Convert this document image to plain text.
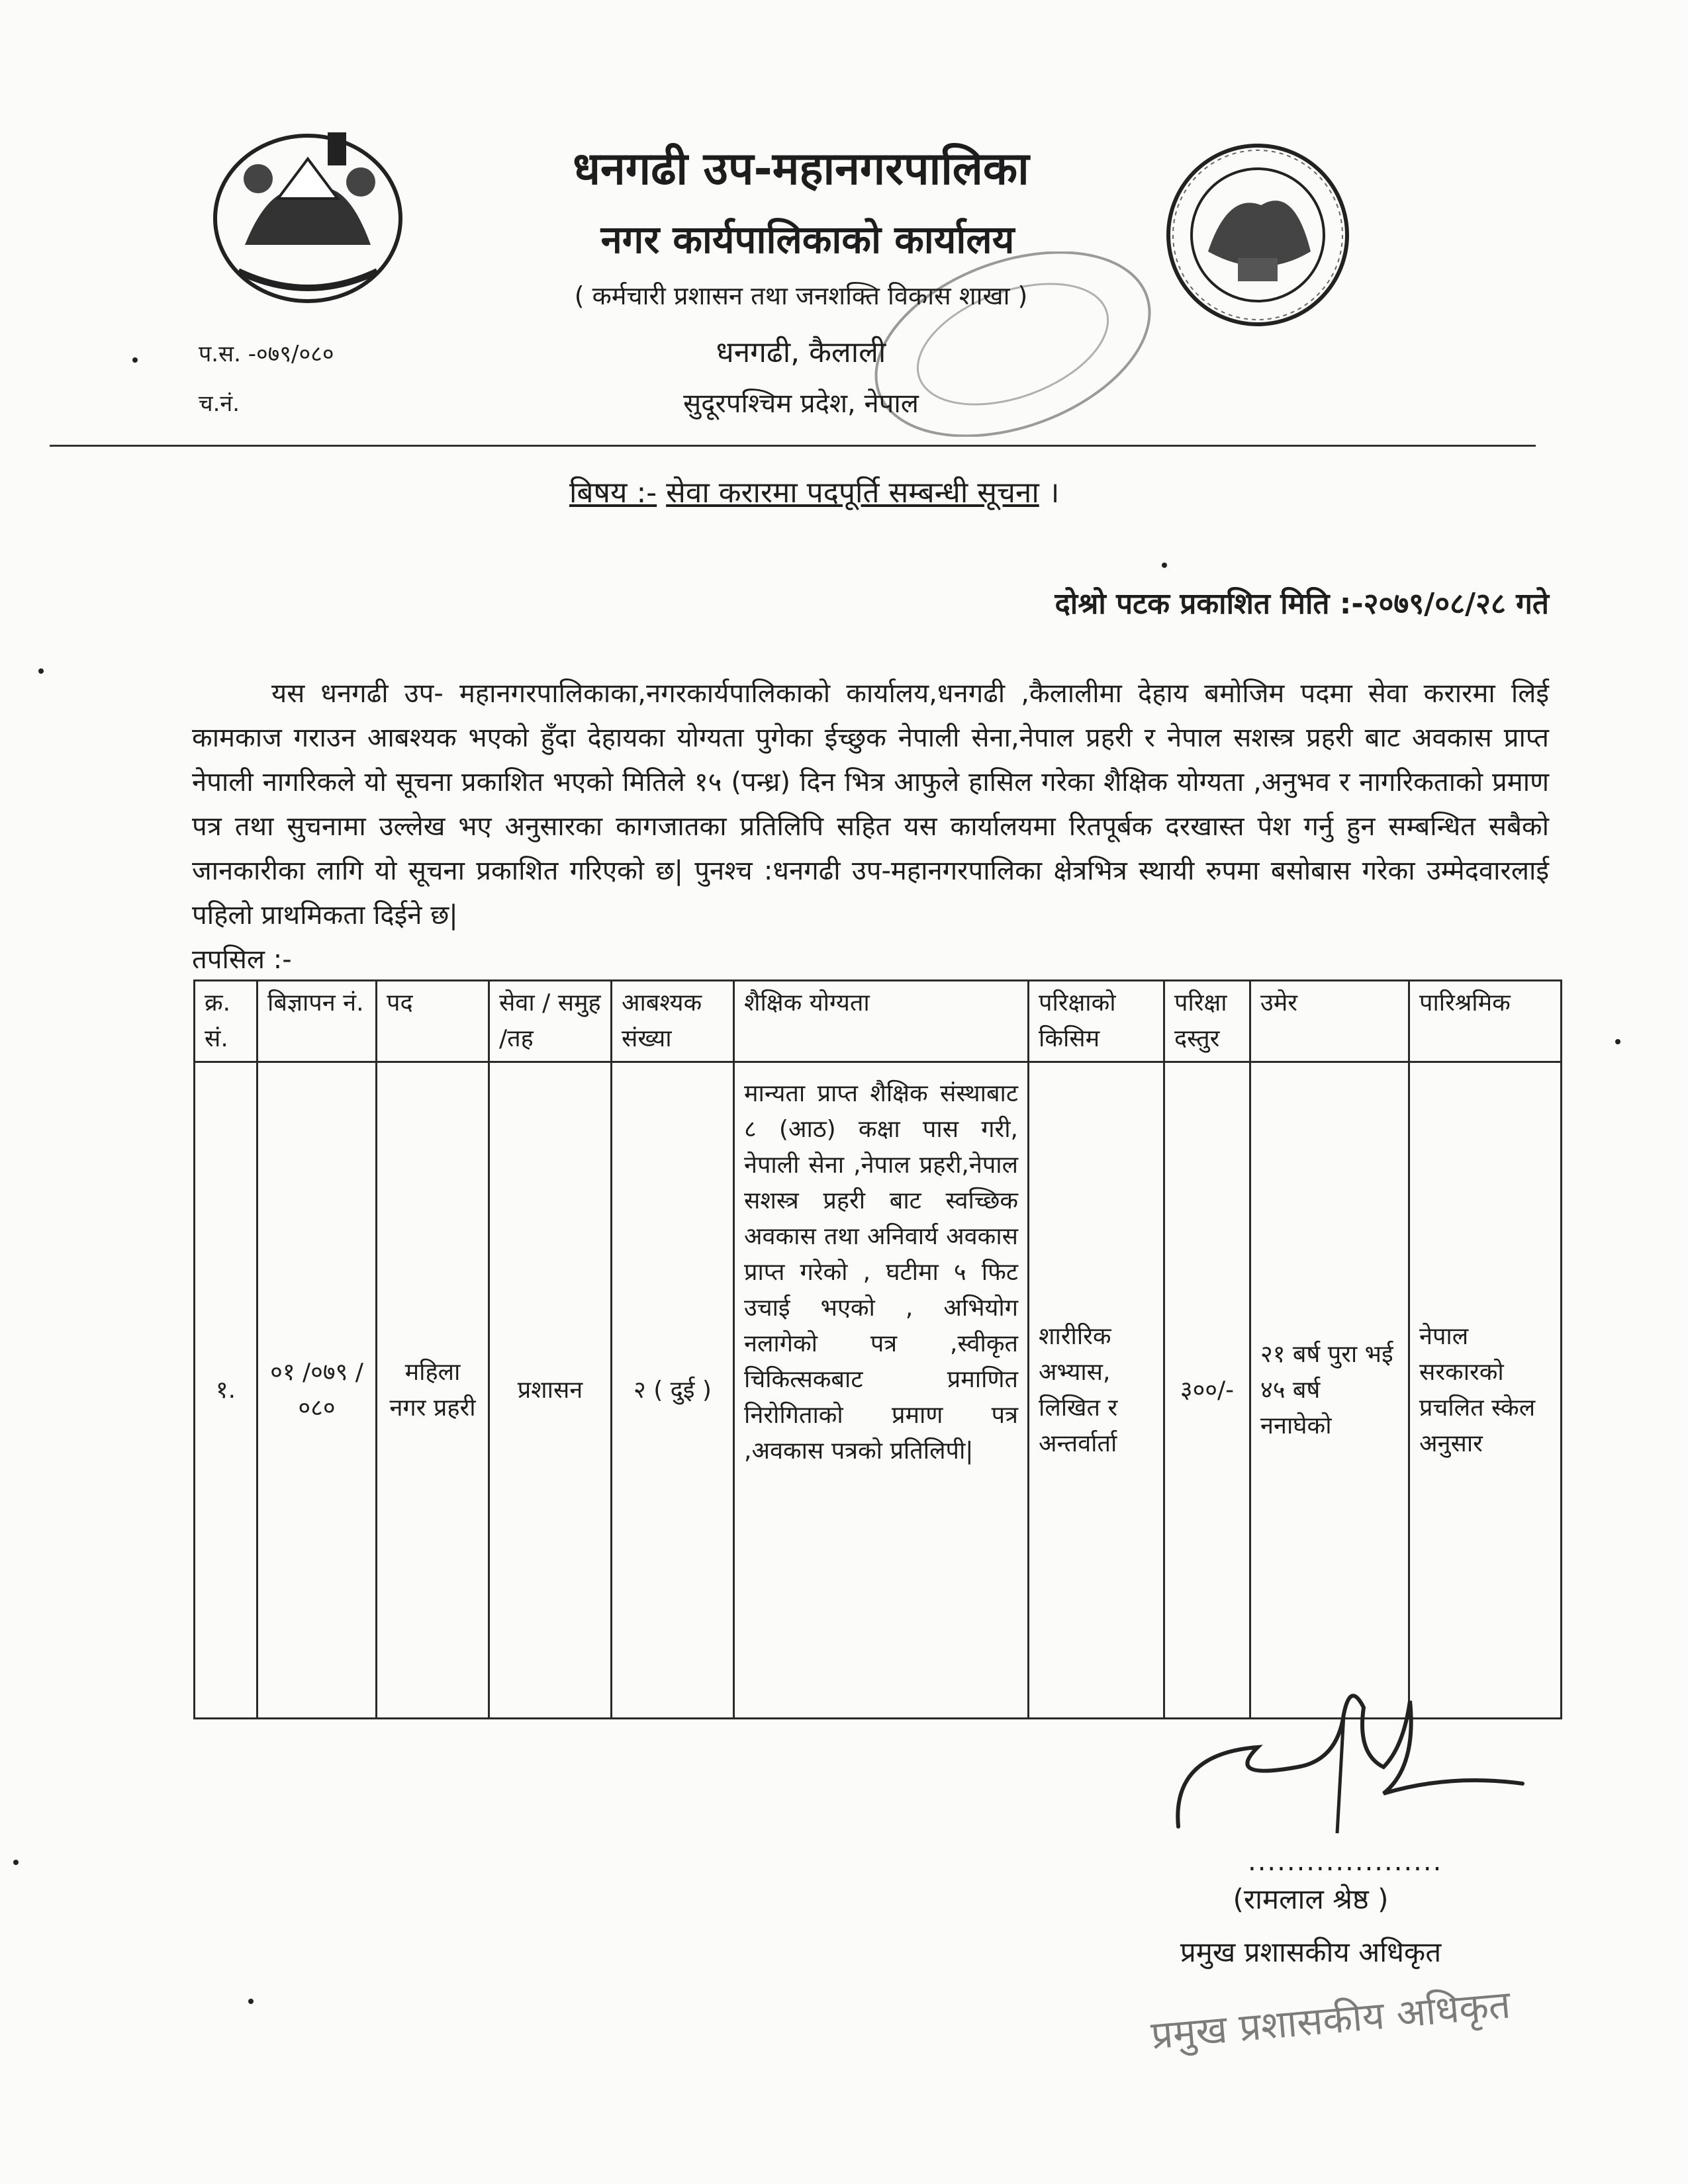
धनगढी उप-महानगरपालिका
नगर कार्यपालिकाको कार्यालय
( कर्मचारी प्रशासन तथा जनशक्ति विकास शाखा )
धनगढी, कैलाली
सुदूरपश्चिम प्रदेश, नेपाल
प.स. -०७९/०८०
च.नं.
बिषय :- सेवा करारमा पदपूर्ति सम्बन्धी सूचना ।
दोश्रो पटक प्रकाशित मिति :-२०७९/०८/२८ गते
यस धनगढी उप- महानगरपालिकाका,नगरकार्यपालिकाको कार्यालय,धनगढी ,कैलालीमा देहाय बमोजिम पदमा सेवा करारमा लिई कामकाज गराउन आबश्यक भएको हुँदा देहायका योग्यता पुगेका ईच्छुक नेपाली सेना,नेपाल प्रहरी र नेपाल सशस्त्र प्रहरी बाट अवकास प्राप्त नेपाली नागरिकले यो सूचना प्रकाशित भएको मितिले १५ (पन्ध्र) दिन भित्र आफुले हासिल गरेका शैक्षिक योग्यता ,अनुभव र नागरिकताको प्रमाण पत्र तथा सुचनामा उल्लेख भए अनुसारका कागजातका प्रतिलिपि सहित यस कार्यालयमा रितपूर्बक दरखास्त पेश गर्नु हुन सम्बन्धित सबैको जानकारीका लागि यो सूचना प्रकाशित गरिएको छ| पुनश्च :धनगढी उप-महानगरपालिका क्षेत्रभित्र स्थायी रुपमा बसोबास गरेका उम्मेदवारलाई पहिलो प्राथमिकता दिईने छ|
तपसिल :-
क्र. सं.	बिज्ञापन नं.	पद	सेवा / समुह /तह	आबश्यक संख्या	शैक्षिक योग्यता	परिक्षाको किसिम	परिक्षा दस्तुर	उमेर	पारिश्रमिक
१.	०१ /०७९ /०८०	महिला नगर प्रहरी	प्रशासन	२ ( दुई )	मान्यता प्राप्त शैक्षिक संस्थाबाट ८ (आठ) कक्षा पास गरी, नेपाली सेना ,नेपाल प्रहरी,नेपाल सशस्त्र प्रहरी बाट स्वच्छिक अवकास तथा अनिवार्य अवकास प्राप्त गरेको , घटीमा ५ फिट उचाई भएको , अभियोग नलागेको पत्र ,स्वीकृत चिकित्सकबाट प्रमाणित निरोगिताको प्रमाण पत्र ,अवकास पत्रको प्रतिलिपी|	शारीरिक अभ्यास, लिखित र अन्तर्वार्ता	३००/-	२१ बर्ष पुरा भई ४५ बर्ष ननाघेको	नेपाल सरकारको प्रचलित स्केल अनुसार
....................
(रामलाल श्रेष्ठ )
प्रमुख प्रशासकीय अधिकृत
प्रमुख प्रशासकीय अधिकृत
